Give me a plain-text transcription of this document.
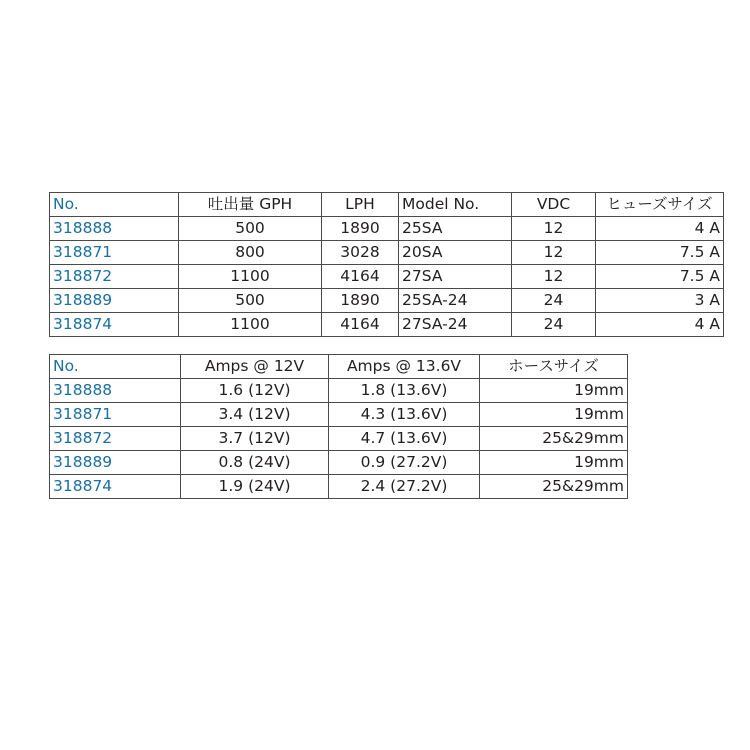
No.	吐出量 GPH	LPH	Model No.	VDC	ヒューズサイズ
318888	500	1890	25SA	12	4 A
318871	800	3028	20SA	12	7.5 A
318872	1100	4164	27SA	12	7.5 A
318889	500	1890	25SA-24	24	3 A
318874	1100	4164	27SA-24	24	4 A
No.	Amps @ 12V	Amps @ 13.6V	ホースサイズ
318888	1.6 (12V)	1.8 (13.6V)	19mm
318871	3.4 (12V)	4.3 (13.6V)	19mm
318872	3.7 (12V)	4.7 (13.6V)	25&29mm
318889	0.8 (24V)	0.9 (27.2V)	19mm
318874	1.9 (24V)	2.4 (27.2V)	25&29mm
